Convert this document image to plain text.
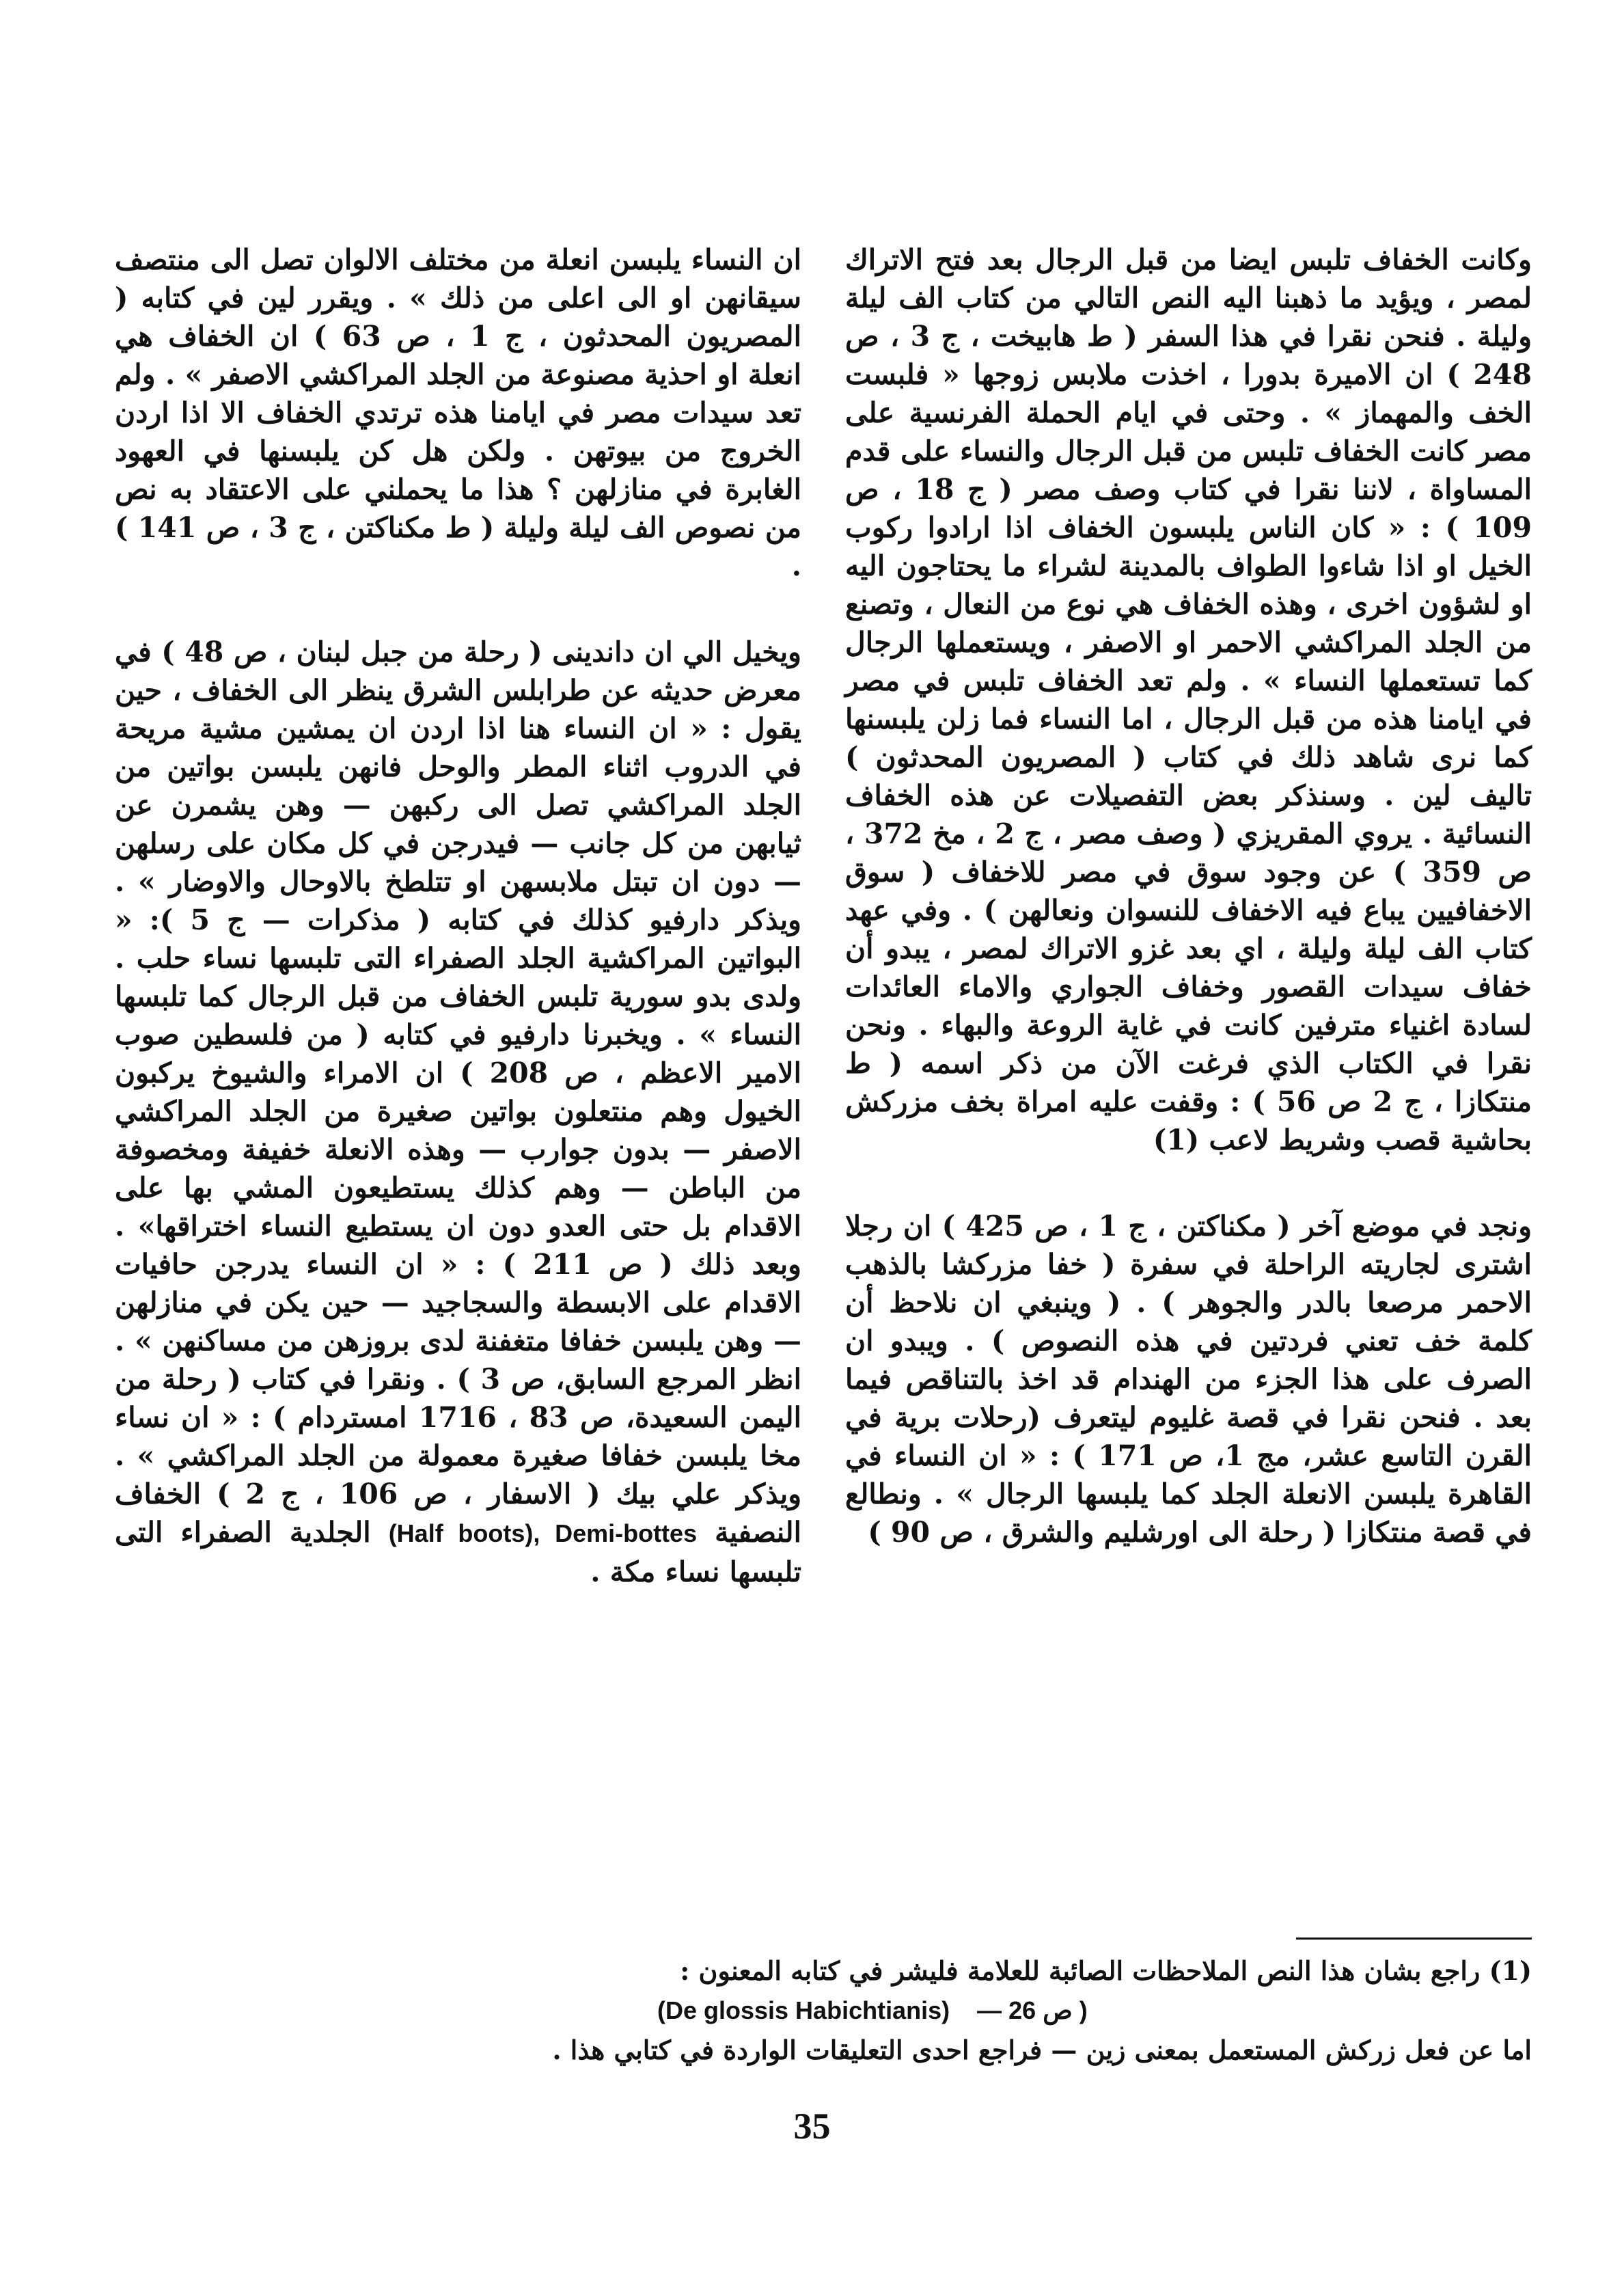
وكانت الخفاف تلبس ايضا من قبل الرجال بعد فتح الاتراك لمصر ، ويؤيد ما ذهبنا اليه النص التالي من كتاب الف ليلة وليلة . فنحن نقرا في هذا السفر ( ط هابيخت ، ج 3 ، ص 248 ) ان الاميرة بدورا ، اخذت ملابس زوجها « فلبست الخف والمهماز » . وحتى في ايام الحملة الفرنسية على مصر كانت الخفاف تلبس من قبل الرجال والنساء على قدم المساواة ، لاننا نقرا في كتاب وصف مصر ( ج 18 ، ص 109 ) : « كان الناس يلبسون الخفاف اذا ارادوا ركوب الخيل او اذا شاءوا الطواف بالمدينة لشراء ما يحتاجون اليه او لشؤون اخرى ، وهذه الخفاف هي نوع من النعال ، وتصنع من الجلد المراكشي الاحمر او الاصفر ، ويستعملها الرجال كما تستعملها النساء » . ولم تعد الخفاف تلبس في مصر في ايامنا هذه من قبل الرجال ، اما النساء فما زلن يلبسنها كما نرى شاهد ذلك في كتاب ( المصريون المحدثون ) تاليف لين . وسنذكر بعض التفصيلات عن هذه الخفاف النسائية . يروي المقريزي ( وصف مصر ، ج 2 ، مخ 372 ، ص 359 ) عن وجود سوق في مصر للاخفاف ( سوق الاخفافيين يباع فيه الاخفاف للنسوان ونعالهن ) . وفي عهد كتاب الف ليلة وليلة ، اي بعد غزو الاتراك لمصر ، يبدو أن خفاف سيدات القصور وخفاف الجواري والاماء العائدات لسادة اغنياء مترفين كانت في غاية الروعة والبهاء . ونحن نقرا في الكتاب الذي فرغت الآن من ذكر اسمه ( ط منتكازا ، ج 2 ص 56 ) : وقفت عليه امراة بخف مزركش بحاشية قصب وشريط لاعب (1)

ونجد في موضع آخر ( مكناكتن ، ج 1 ، ص 425 ) ان رجلا اشترى لجاريته الراحلة في سفرة ( خفا مزركشا بالذهب الاحمر مرصعا بالدر والجوهر ) . ( وينبغي ان نلاحظ أن كلمة خف تعني فردتين في هذه النصوص ) . ويبدو ان الصرف على هذا الجزء من الهندام قد اخذ بالتناقص فيما بعد . فنحن نقرا في قصة غليوم ليتعرف (رحلات برية في القرن التاسع عشر، مج 1، ص 171 ) : « ان النساء في القاهرة يلبسن الانعلة الجلد كما يلبسها الرجال » . ونطالع في قصة منتكازا ( رحلة الى اورشليم والشرق ، ص 90 )

ان النساء يلبسن انعلة من مختلف الالوان تصل الى منتصف سيقانهن او الى اعلى من ذلك » . ويقرر لين في كتابه ( المصريون المحدثون ، ج 1 ، ص 63 ) ان الخفاف هي انعلة او احذية مصنوعة من الجلد المراكشي الاصفر » . ولم تعد سيدات مصر في ايامنا هذه ترتدي الخفاف الا اذا اردن الخروج من بيوتهن . ولكن هل كن يلبسنها في العهود الغابرة في منازلهن ؟ هذا ما يحملني على الاعتقاد به نص من نصوص الف ليلة وليلة ( ط مكناكتن ، ج 3 ، ص 141 ) .

ويخيل الي ان داندينى ( رحلة من جبل لبنان ، ص 48 ) في معرض حديثه عن طرابلس الشرق ينظر الى الخفاف ، حين يقول : « ان النساء هنا اذا اردن ان يمشين مشية مريحة في الدروب اثناء المطر والوحل فانهن يلبسن بواتين من الجلد المراكشي تصل الى ركبهن — وهن يشمرن عن ثيابهن من كل جانب — فيدرجن في كل مكان على رسلهن — دون ان تبتل ملابسهن او تتلطخ بالاوحال والاوضار » . ويذكر دارفيو كذلك في كتابه ( مذكرات — ج 5 ): « البواتين المراكشية الجلد الصفراء التى تلبسها نساء حلب . ولدى بدو سورية تلبس الخفاف من قبل الرجال كما تلبسها النساء » . ويخبرنا دارفيو في كتابه ( من فلسطين صوب الامير الاعظم ، ص 208 ) ان الامراء والشيوخ يركبون الخيول وهم منتعلون بواتين صغيرة من الجلد المراكشي الاصفر — بدون جوارب — وهذه الانعلة خفيفة ومخصوفة من الباطن — وهم كذلك يستطيعون المشي بها على الاقدام بل حتى العدو دون ان يستطيع النساء اختراقها» . وبعد ذلك ( ص 211 ) : « ان النساء يدرجن حافيات الاقدام على الابسطة والسجاجيد — حين يكن في منازلهن — وهن يلبسن خفافا متغفنة لدى بروزهن من مساكنهن » . انظر المرجع السابق، ص 3 ) . ونقرا في كتاب ( رحلة من اليمن السعيدة، ص 83 ، 1716 امستردام ) : « ان نساء مخا يلبسن خفافا صغيرة معمولة من الجلد المراكشي » . ويذكر علي بيك ( الاسفار ، ص 106 ، ج 2 ) الخفاف النصفية (Half boots), Demi-bottes الجلدية الصفراء التى تلبسها نساء مكة .

(1) راجع بشان هذا النص الملاحظات الصائبة للعلامة فليشر في كتابه المعنون :

(De glossis Habichtianis) ( ص 26 —

اما عن فعل زركش المستعمل بمعنى زين — فراجع احدى التعليقات الواردة في كتابي هذا .

35
